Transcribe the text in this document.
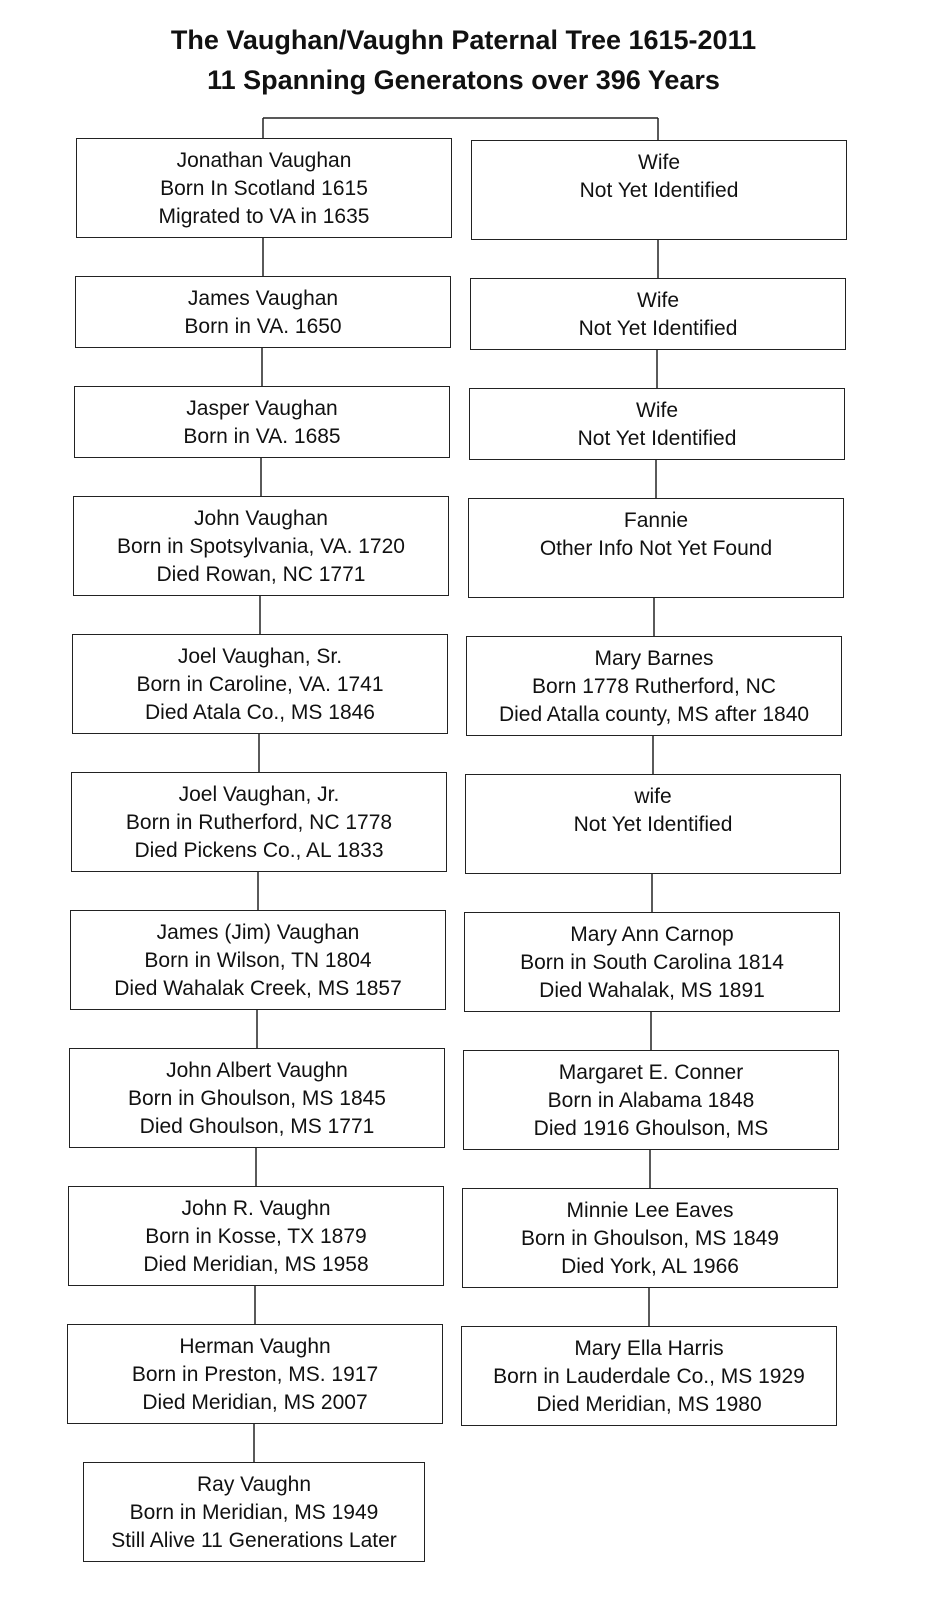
The Vaughan/Vaughn Paternal Tree 1615-2011
11 Spanning Generatons over 396 Years
Jonathan Vaughan
Born In Scotland 1615
Migrated to VA in 1635
Wife
Not Yet Identified
James Vaughan
Born in VA. 1650
Wife
Not Yet Identified
Jasper Vaughan
Born in VA. 1685
Wife
Not Yet Identified
John Vaughan
Born in Spotsylvania, VA. 1720
Died Rowan, NC 1771
Fannie
Other Info Not Yet Found
Joel Vaughan, Sr.
Born in Caroline, VA. 1741
Died Atala Co., MS 1846
Mary Barnes
Born 1778 Rutherford, NC
Died Atalla county, MS after 1840
Joel Vaughan, Jr.
Born in Rutherford, NC 1778
Died Pickens Co., AL 1833
wife
Not Yet Identified
James (Jim) Vaughan
Born in Wilson, TN 1804
Died Wahalak Creek, MS 1857
Mary Ann Carnop
Born in South Carolina 1814
Died Wahalak, MS 1891
John Albert Vaughn
Born in Ghoulson, MS 1845
Died Ghoulson, MS 1771
Margaret E. Conner
Born in Alabama 1848
Died 1916 Ghoulson, MS
John R. Vaughn
Born in Kosse, TX 1879
Died Meridian, MS 1958
Minnie Lee Eaves
Born in Ghoulson, MS 1849
Died York, AL 1966
Herman Vaughn
Born in Preston, MS. 1917
Died Meridian, MS 2007
Mary Ella Harris
Born in Lauderdale Co., MS 1929
Died Meridian, MS 1980
Ray Vaughn
Born in Meridian, MS 1949
Still Alive 11 Generations Later
